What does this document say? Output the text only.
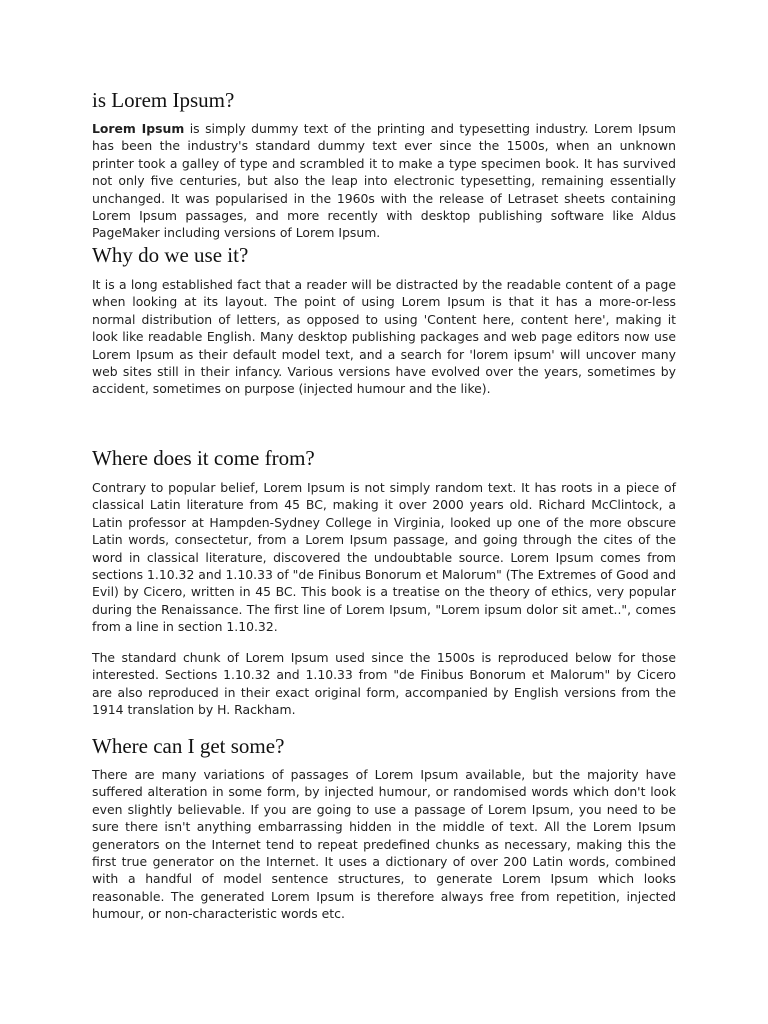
is Lorem Ipsum?

Lorem Ipsum is simply dummy text of the printing and typesetting industry. Lorem Ipsum has been the industry's standard dummy text ever since the 1500s, when an unknown printer took a galley of type and scrambled it to make a type specimen book. It has survived not only five centuries, but also the leap into electronic typesetting, remaining essentially unchanged. It was popularised in the 1960s with the release of Letraset sheets containing Lorem Ipsum passages, and more recently with desktop publishing software like Aldus PageMaker including versions of Lorem Ipsum.

Why do we use it?

It is a long established fact that a reader will be distracted by the readable content of a page when looking at its layout. The point of using Lorem Ipsum is that it has a more-or-less normal distribution of letters, as opposed to using 'Content here, content here', making it look like readable English. Many desktop publishing packages and web page editors now use Lorem Ipsum as their default model text, and a search for 'lorem ipsum' will uncover many web sites still in their infancy. Various versions have evolved over the years, sometimes by accident, sometimes on purpose (injected humour and the like).

Where does it come from?

Contrary to popular belief, Lorem Ipsum is not simply random text. It has roots in a piece of classical Latin literature from 45 BC, making it over 2000 years old. Richard McClintock, a Latin professor at Hampden-Sydney College in Virginia, looked up one of the more obscure Latin words, consectetur, from a Lorem Ipsum passage, and going through the cites of the word in classical literature, discovered the undoubtable source. Lorem Ipsum comes from sections 1.10.32 and 1.10.33 of "de Finibus Bonorum et Malorum" (The Extremes of Good and Evil) by Cicero, written in 45 BC. This book is a treatise on the theory of ethics, very popular during the Renaissance. The first line of Lorem Ipsum, "Lorem ipsum dolor sit amet..", comes from a line in section 1.10.32.

The standard chunk of Lorem Ipsum used since the 1500s is reproduced below for those interested. Sections 1.10.32 and 1.10.33 from "de Finibus Bonorum et Malorum" by Cicero are also reproduced in their exact original form, accompanied by English versions from the 1914 translation by H. Rackham.

Where can I get some?

There are many variations of passages of Lorem Ipsum available, but the majority have suffered alteration in some form, by injected humour, or randomised words which don't look even slightly believable. If you are going to use a passage of Lorem Ipsum, you need to be sure there isn't anything embarrassing hidden in the middle of text. All the Lorem Ipsum generators on the Internet tend to repeat predefined chunks as necessary, making this the first true generator on the Internet. It uses a dictionary of over 200 Latin words, combined with a handful of model sentence structures, to generate Lorem Ipsum which looks reasonable. The generated Lorem Ipsum is therefore always free from repetition, injected humour, or non-characteristic words etc.
